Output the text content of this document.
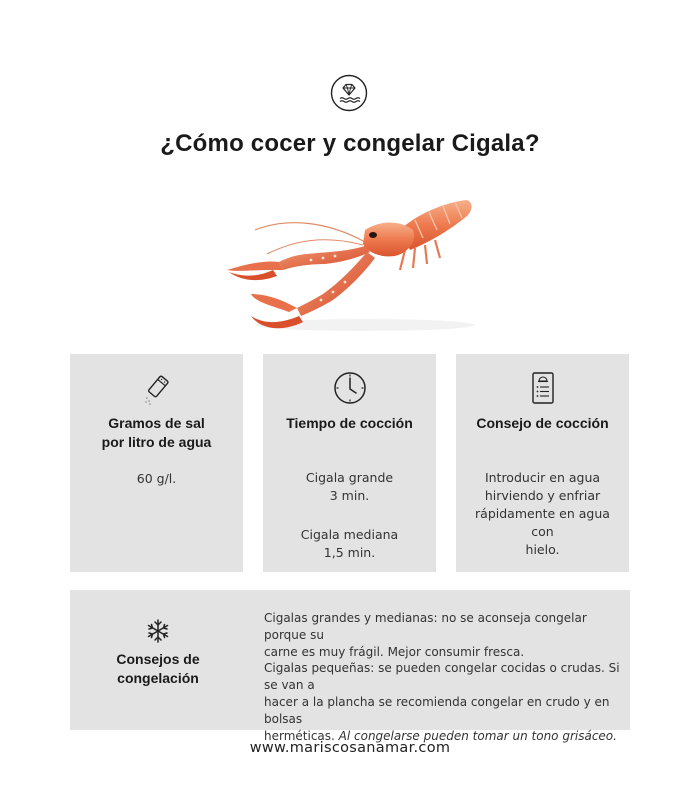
¿Cómo cocer y congelar Cigala?
Gramos de sal
por litro de agua
60 g/l.
Tiempo de cocción
Cigala grande
3 min.
Cigala mediana
1,5 min.
Consejo de cocción
Introducir en agua
hirviendo y enfriar
rápidamente en agua con
hielo.
Consejos de
congelación
Cigalas grandes y medianas: no se aconseja congelar porque su
carne es muy frágil. Mejor consumir fresca.
Cigalas pequeñas: se pueden congelar cocidas o crudas. Si se van a
hacer a la plancha se recomienda congelar en crudo y en bolsas
herméticas. Al congelarse pueden tomar un tono grisáceo.
www.mariscosanamar.com
